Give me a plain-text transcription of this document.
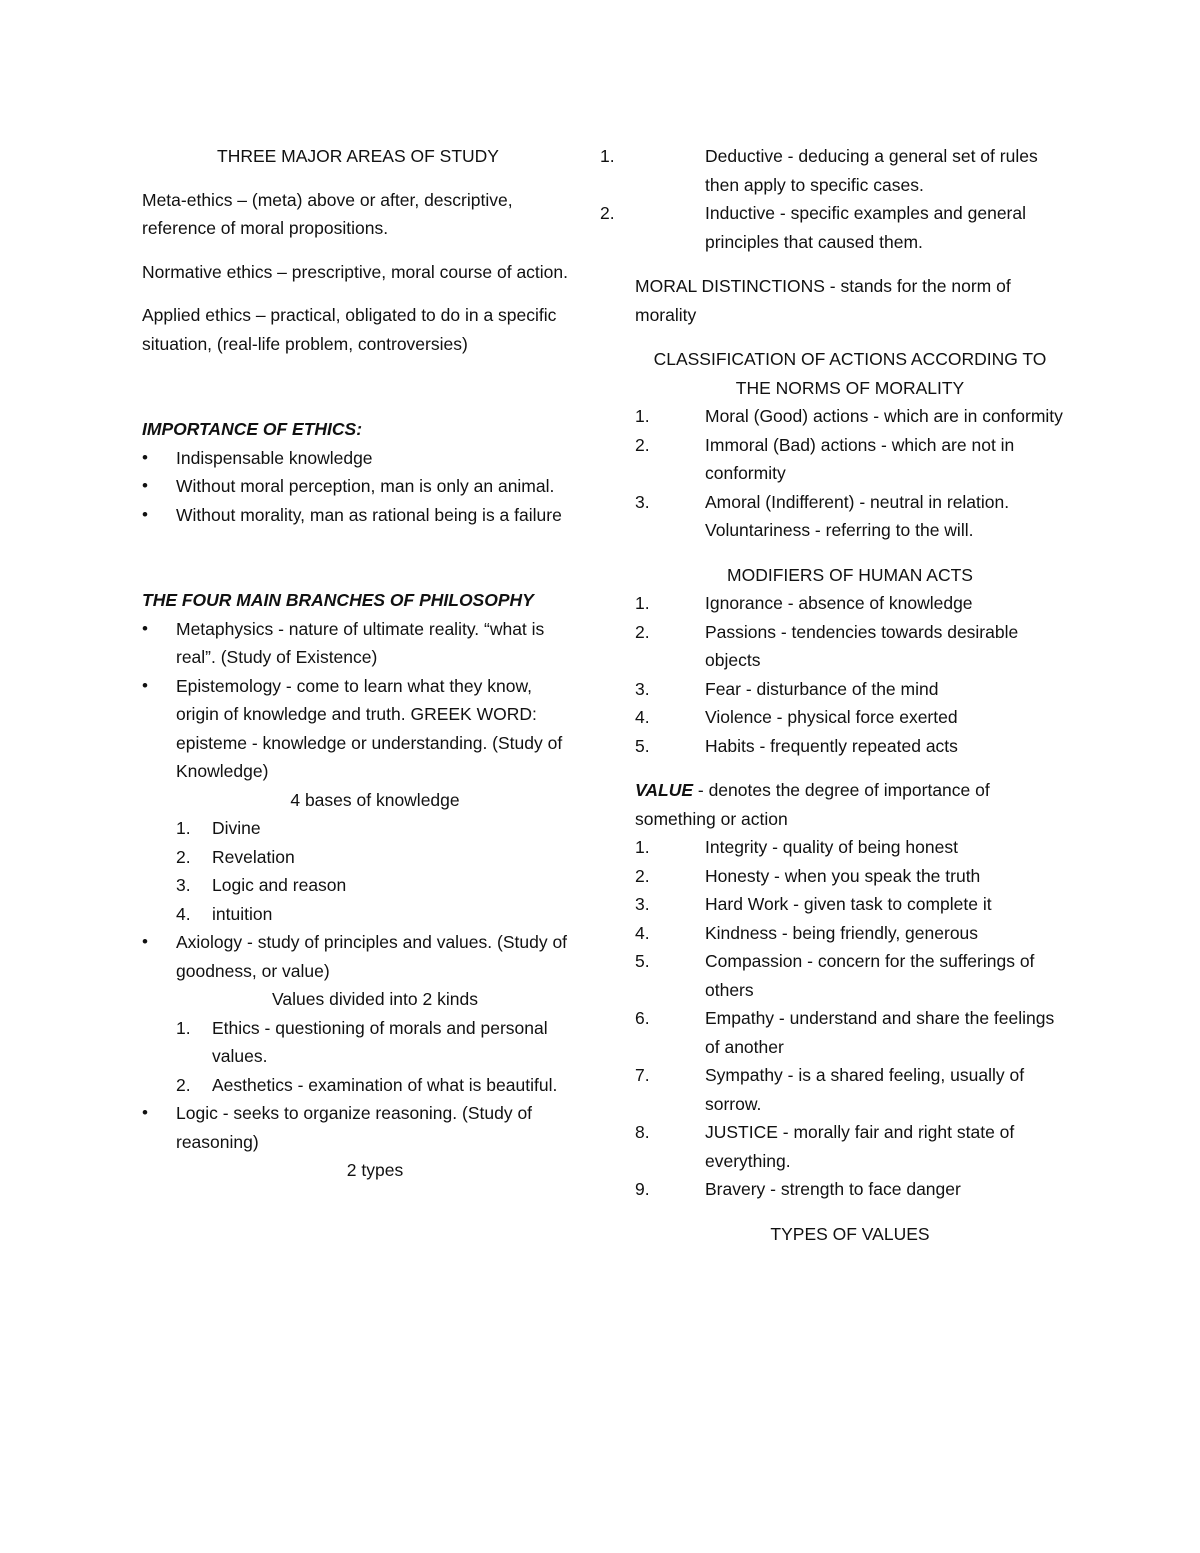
THREE MAJOR AREAS OF STUDY

Meta-ethics – (meta) above or after, descriptive, reference of moral propositions.

Normative ethics – prescriptive, moral course of action.

Applied ethics – practical, obligated to do in a specific situation, (real-life problem, controversies)

IMPORTANCE OF ETHICS:

• Indispensable knowledge
• Without moral perception, man is only an animal.
• Without morality, man as rational being is a failure

THE FOUR MAIN BRANCHES OF PHILOSOPHY

• Metaphysics - nature of ultimate reality. “what is real”. (Study of Existence)
• Epistemology - come to learn what they know, origin of knowledge and truth. GREEK WORD: episteme - knowledge or understanding. (Study of Knowledge)

4 bases of knowledge

1. Divine
2. Revelation
3. Logic and reason
4. intuition
• Axiology - study of principles and values. (Study of goodness, or value)

Values divided into 2 kinds

1. Ethics - questioning of morals and personal values.
2. Aesthetics - examination of what is beautiful.
• Logic - seeks to organize reasoning. (Study of reasoning)

2 types

1.	Deductive - deducing a general set of rules then apply to specific cases.
2.	Inductive - specific examples and general principles that caused them.

MORAL DISTINCTIONS - stands for the norm of morality

CLASSIFICATION OF ACTIONS ACCORDING TO THE NORMS OF MORALITY

1.	Moral (Good) actions - which are in conformity
2.	Immoral (Bad) actions - which are not in conformity
3.	Amoral (Indifferent) - neutral in relation. Voluntariness - referring to the will.

MODIFIERS OF HUMAN ACTS

1.	Ignorance - absence of knowledge
2.	Passions - tendencies towards desirable objects
3.	Fear - disturbance of the mind
4.	Violence - physical force exerted
5.	Habits - frequently repeated acts

VALUE - denotes the degree of importance of something or action

1.	Integrity - quality of being honest
2.	Honesty - when you speak the truth
3.	Hard Work - given task to complete it
4.	Kindness - being friendly, generous
5.	Compassion - concern for the sufferings of others
6.	Empathy - understand and share the feelings of another
7.	Sympathy - is a shared feeling, usually of sorrow.
8.	JUSTICE - morally fair and right state of everything.
9.	Bravery - strength to face danger

TYPES OF VALUES
